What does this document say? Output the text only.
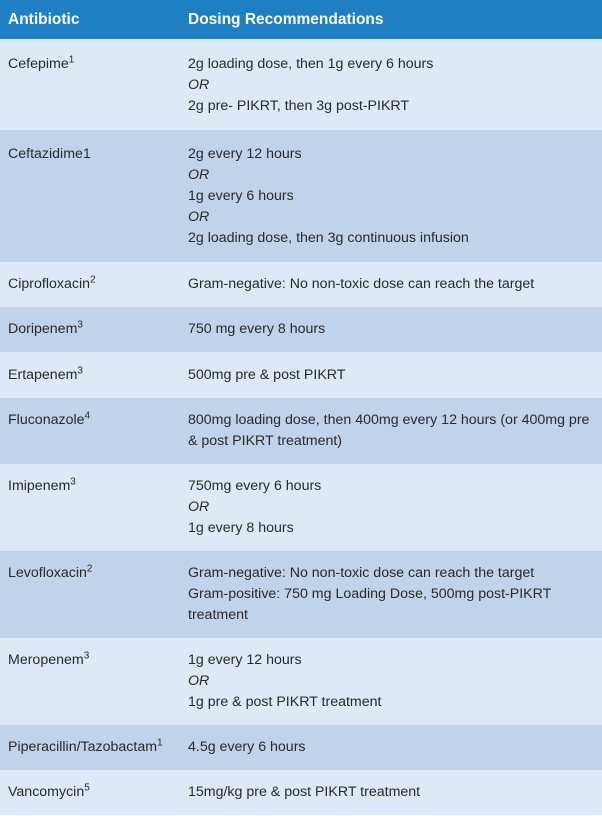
Antibiotic	Dosing Recommendations
Cefepime$^1$	2g loading dose, then 1g every 6 hours
OR
2g pre- PIKRT, then 3g post-PIKRT

Ceftazidime1	2g every 12 hours
OR
1g every 6 hours
OR
2g loading dose, then 3g continuous infusion

Ciprofloxacin$^2$	Gram-negative: No non-toxic dose can reach the target

Doripenem$^3$	750 mg every 8 hours

Ertapenem$^3$	500mg pre & post PIKRT

Fluconazole$^4$	800mg loading dose, then 400mg every 12 hours (or 400mg pre & post PIKRT treatment)

Imipenem$^3$	750mg every 6 hours
OR
1g every 8 hours

Levofloxacin$^2$	Gram-negative: No non-toxic dose can reach the target
Gram-positive: 750 mg Loading Dose, 500mg post-PIKRT treatment

Meropenem$^3$	1g every 12 hours
OR
1g pre & post PIKRT treatment

Piperacillin/Tazobactam$^1$	4.5g every 6 hours

Vancomycin$^5$	15mg/kg pre & post PIKRT treatment
